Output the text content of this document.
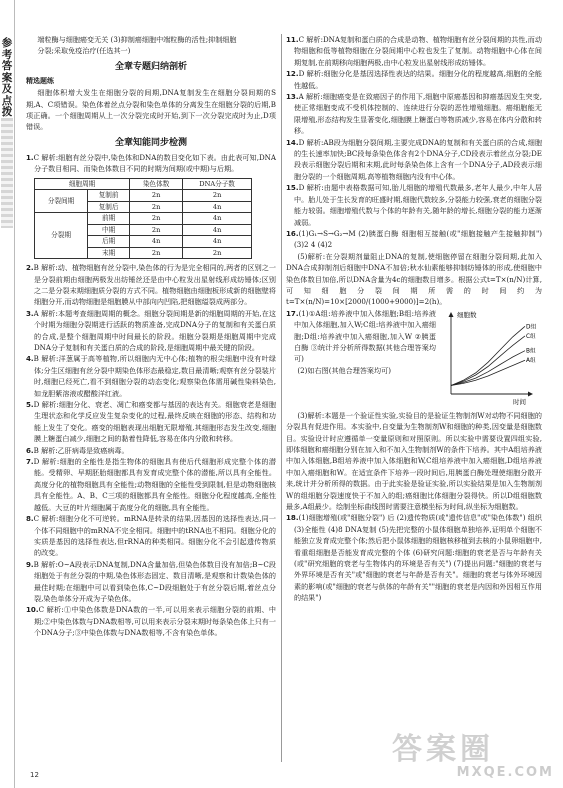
参考答案及点拨

端粒酶与细胞癌变无关 (3)抑制癌细胞中端粒酶的活性;抑制细胞

分裂;采取免疫治疗(任选其一)

全章专题归纳剖析
精选题练

细胞体积增大发生在细胞分裂的间期,DNA复制发生在细胞分裂间期的S期,A、C项错误。染色体着丝点分裂和染色单体的分离发生在细胞分裂的后期,B项正确。一个细胞周期从上一次分裂完成时开始,到下一次分裂完成时为止,D项错误。

全章知能同步检测

1.C 解析:细胞有丝分裂中,染色体和DNA的数目变化如下表。由此表可知,DNA分子数目相同、而染色体数目不同的时期为间期(或中期)与后期。

细胞周期		染色体数	DNA分子数
分裂间期	复制前	2n	2n
	复制后	2n	4n
分裂期	前期	2n	4n
	中期	2n	4n
	后期	4n	4n
	末期	2n	2n

2.B 解析:动、植物细胞有丝分裂中,染色体的行为是完全相同的,两者的区别之一是分裂前期由细胞两极发出纺锤丝还是由中心粒发出星射线形成纺锤体;区别之二是分裂末期细胞质分裂的方式不同。植物细胞由细胞板形成新的细胞壁将细胞分开,而动物细胞是细胞膜从中部向内凹陷,把细胞缢裂成两部分。

3.A 解析:本题考查细胞周期的概念。细胞分裂间期是新的细胞周期的开始,在这个时期为细胞分裂期进行活跃的物质准备,完成DNA分子的复制和有关蛋白质的合成,是整个细胞周期中时间最长的阶段。细胞分裂期是细胞周期中完成DNA分子复制和有关蛋白质的合成的阶段,是细胞周期中最关键的阶段。

4.B 解析:洋葱属于高等植物,所以细胞内无中心体;植物的根尖细胞中没有叶绿体;分生区细胞有丝分裂中期染色体形态最稳定,数目最清晰;观察有丝分裂装片时,细胞已经死亡,看不到细胞分裂的动态变化;观察染色体需用碱性染料染色,如龙胆紫溶液或醋酸洋红液。

5.D 解析:细胞分化、衰老、凋亡和癌变都与基因的表达有关。细胞衰老是细胞生理状态和化学反应发生复杂变化的过程,最终反映在细胞的形态、结构和功能上发生了变化。癌变的细胞表现出细胞无限增殖,其细胞形态发生改变,细胞膜上糖蛋白减少,细胞之间的黏着性降低,容易在体内分散和转移。

6.B 解析:乙肝病毒是致癌病毒。

7.D 解析:细胞的全能性是指生物体的细胞具有使后代细胞形成完整个体的潜能。受精卵、早期胚胎细胞都具有发育成完整个体的潜能,所以具有全能性。高度分化的植物细胞具有全能性;动物细胞的全能性受到限制,但是动物细胞核具有全能性。A、B、C三项的细胞都具有全能性。细胞分化程度越高,全能性越低。大豆的叶片细胞属于高度分化的细胞,具有全能性。

8.C 解析:细胞分化不可逆转。mRNA是转录的结果,因基因的选择性表达,同一个体不同细胞中的mRNA不完全相同。细胞中的tRNA也不相同。细胞分化的实质是基因的选择性表达,但rRNA的种类相同。细胞分化不会引起遗传物质的改变。

9.B 解析:O~A段表示DNA复制,DNA含量加倍,但染色体数目没有加倍;B~C段细胞处于有丝分裂的中期,染色体形态固定、数目清晰,是观察和计数染色体的最佳时期;在细胞中可以看到染色体,C~D段细胞处于有丝分裂后期,着丝点分裂,染色单体分开成为子染色体。

10.C 解析:①中染色体数是DNA数的一半,可以用来表示细胞分裂的前期、中期;②中染色体数与DNA数相等,可以用来表示分裂末期时每条染色体上只有一个DNA分子;③中染色体数与DNA数相等,不含有染色单体。

11.C 解析:DNA复制和蛋白质的合成是动物、植物细胞有丝分裂间期的共性,而动物细胞和低等植物细胞在分裂间期中心粒也发生了复制。动物细胞中心体在间期复制,在前期移向细胞两极,由中心粒发出星射线形成纺锤体。

12.D 解析:细胞分化是基因选择性表达的结果。细胞分化的程度越高,细胞的全能性越低。

13.A 解析:细胞癌变是在致癌因子的作用下,细胞中原癌基因和抑癌基因发生突变,使正常细胞变成不受机体控制的、连续进行分裂的恶性增殖细胞。癌细胞能无限增殖,形态结构发生显著变化,细胞膜上糖蛋白等物质减少,容易在体内分散和转移。

14.D 解析:AB段为细胞分裂间期,主要完成DNA的复制和有关蛋白质的合成,细胞的生长速率加快;BC段每条染色体含有2个DNA分子,CD段表示着丝点分裂;DE段表示细胞分裂后期和末期,此时每条染色体上含有一个DNA分子,AD段表示细胞分裂的一个细胞周期,高等植物细胞内没有中心体。

15.D 解析:由题中表格数据可知,胎儿细胞的增殖代数最多,老年人最少,中年人居中。胎儿处于生长发育的旺盛时期,细胞代数较多,分裂能力较强,衰老的细胞分裂能力较弱。细胞增殖代数与个体的年龄有关,随年龄的增长,细胞分裂的能力逐渐减弱。

16.(1)G₁→S→G₂→M (2)胰蛋白酶 细胞相互接触(或"细胞接触产生接触抑制") (3)2 4 (4)2

(5)解析:在分裂期剂量阻止DNA的复制,使细胞停留在细胞分裂间期,此加入DNA合成抑制剂后细胞中DNA不加倍;秋水仙素能够抑制纺锤体的形成,使细胞中染色体数目加倍,所以DNA含量为4c的细胞数目增多。根据公式t=T×(n/N)计算,可知细胞分裂间期所需的时间约为 t=T×(n/N)=10×[2000/(1000+9000)]=2(h)。

17.(1)①A组:培养液中加入体细胞;B组:培养液中加入体细胞,加入W;C组:培养液中加入癌细胞;D组:培养液中加入癌细胞,加入W ②胰蛋白酶 ③统计并分析所得数据(其他合理答案均可)

(2)如右图(其他合理答案均可)

细胞数
时间
D组
C组
B组
A组

(3)解析:本题是一个验证性实验,实验目的是验证生物制剂W对动物不同细胞的分裂具有促进作用。本实验中,自变量为生物制剂W和细胞的种类,因变量是细胞数目。实验设计时应遵循单一变量原则和对照原则。所以实验中需要设置四组实验,即体细胞和癌细胞分别在加入和不加入生物制剂W的条件下培养。其中A组培养液中加入体细胞,B组培养液中加入体细胞和W,C组培养液中加入癌细胞,D组培养液中加入癌细胞和W。在适宜条件下培养一段时间后,用胰蛋白酶处理使细胞分散开来,统计并分析所得的数据。由于此实验是验证实验,所以实验结果是加入生物制剂W的组细胞分裂速度快于不加入的组;癌细胞比体细胞分裂得快。所以D组细胞数最多,A组最少。绘制坐标曲线图时需要注意横坐标为时间,纵坐标为细胞数。

18.(1)细胞增殖(或"细胞分裂") 后 (2)遗传物质(或"遗传信息"或"染色体数") 组织 (3)全能性 (4)8 DNA复制 (5)先把完整的小鼠体细胞单独培养,证明单个细胞不能独立发育成完整个体;然后把小鼠体细胞的细胞核移植到去核的小鼠卵细胞中,看重组细胞是否能发育成完整的个体 (6)研究问题:细胞的衰老是否与年龄有关(或"研究细胞的衰老与生物体内的环境是否有关") (7)提出问题:"细胞的衰老与外界环境是否有关"或"细胞的衰老与年龄是否有关"。细胞的衰老与体外环境因素的影响(或"细胞的衰老与供体的年龄有关""细胞的衰老是内因和外因相互作用的结果")

答案圈
MXQE.COM
12
